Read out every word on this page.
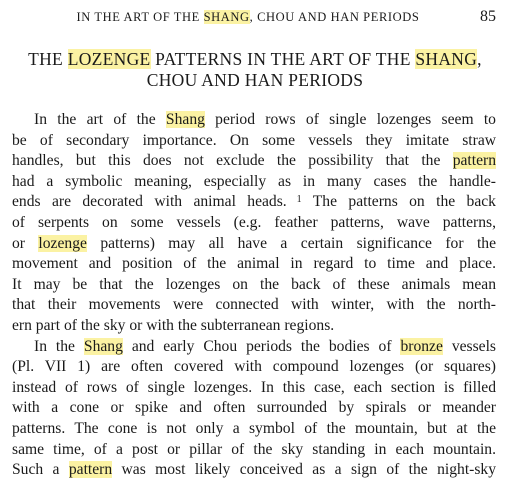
IN THE ART OF THE SHANG, CHOU AND HAN PERIODS	85
THE LOZENGE PATTERNS IN THE ART OF THE SHANG,
CHOU AND HAN PERIODS
In the art of the Shang period rows of single lozenges seem to
be of secondary importance. On some vessels they imitate straw
handles, but this does not exclude the possibility that the pattern
had a symbolic meaning, especially as in many cases the handle-
ends are decorated with animal heads. $^1$ The patterns on the back
of serpents on some vessels (e.g. feather patterns, wave patterns,
or lozenge patterns) may all have a certain significance for the
movement and position of the animal in regard to time and place.
It may be that the lozenges on the back of these animals mean
that their movements were connected with winter, with the north-
ern part of the sky or with the subterranean regions.
In the Shang and early Chou periods the bodies of bronze vessels
(Pl. VII 1) are often covered with compound lozenges (or squares)
instead of rows of single lozenges. In this case, each section is filled
with a cone or spike and often surrounded by spirals or meander
patterns. The cone is not only a symbol of the mountain, but at the
same time, of a post or pillar of the sky standing in each mountain.
Such a pattern was most likely conceived as a sign of the night-sky
